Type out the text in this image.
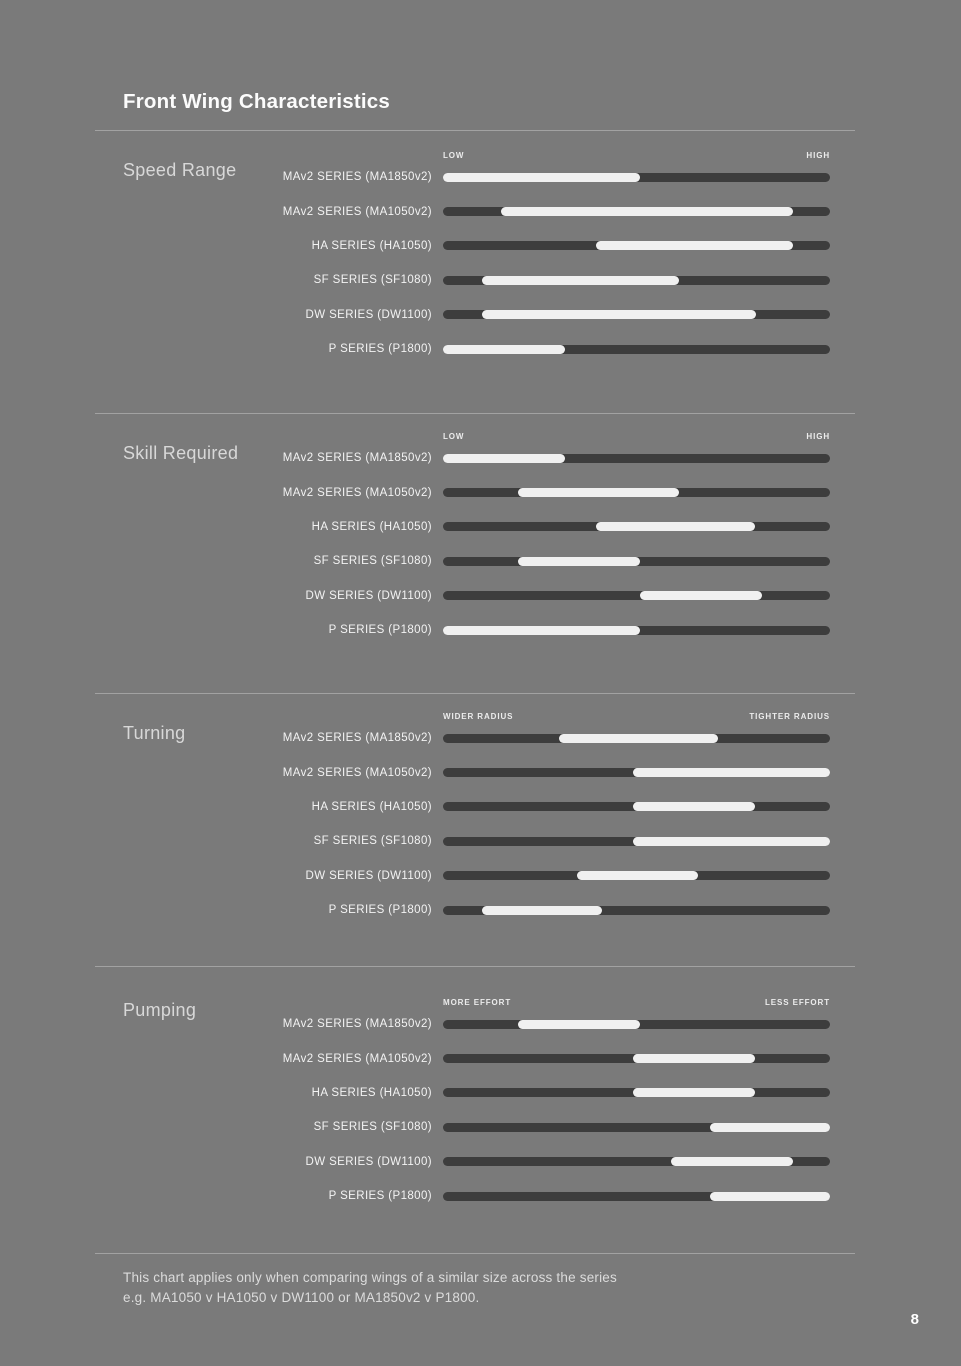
Front Wing Characteristics
Speed Range
LOW	HIGH
MAv2 SERIES (MA1850v2)
MAv2 SERIES (MA1050v2)
HA SERIES (HA1050)
SF SERIES (SF1080)
DW SERIES (DW1100)
P SERIES (P1800)
Skill Required
LOW	HIGH
MAv2 SERIES (MA1850v2)
MAv2 SERIES (MA1050v2)
HA SERIES (HA1050)
SF SERIES (SF1080)
DW SERIES (DW1100)
P SERIES (P1800)
Turning
WIDER RADIUS	TIGHTER RADIUS
MAv2 SERIES (MA1850v2)
MAv2 SERIES (MA1050v2)
HA SERIES (HA1050)
SF SERIES (SF1080)
DW SERIES (DW1100)
P SERIES (P1800)
Pumping	MORE EFFORT	LESS EFFORT
MAv2 SERIES (MA1850v2)
MAv2 SERIES (MA1050v2)
HA SERIES (HA1050)
SF SERIES (SF1080)
DW SERIES (DW1100)
P SERIES (P1800)

This chart applies only when comparing wings of a similar size across the series

e.g. MA1050 v HA1050 v DW1100 or MA1850v2 v P1800.

8
